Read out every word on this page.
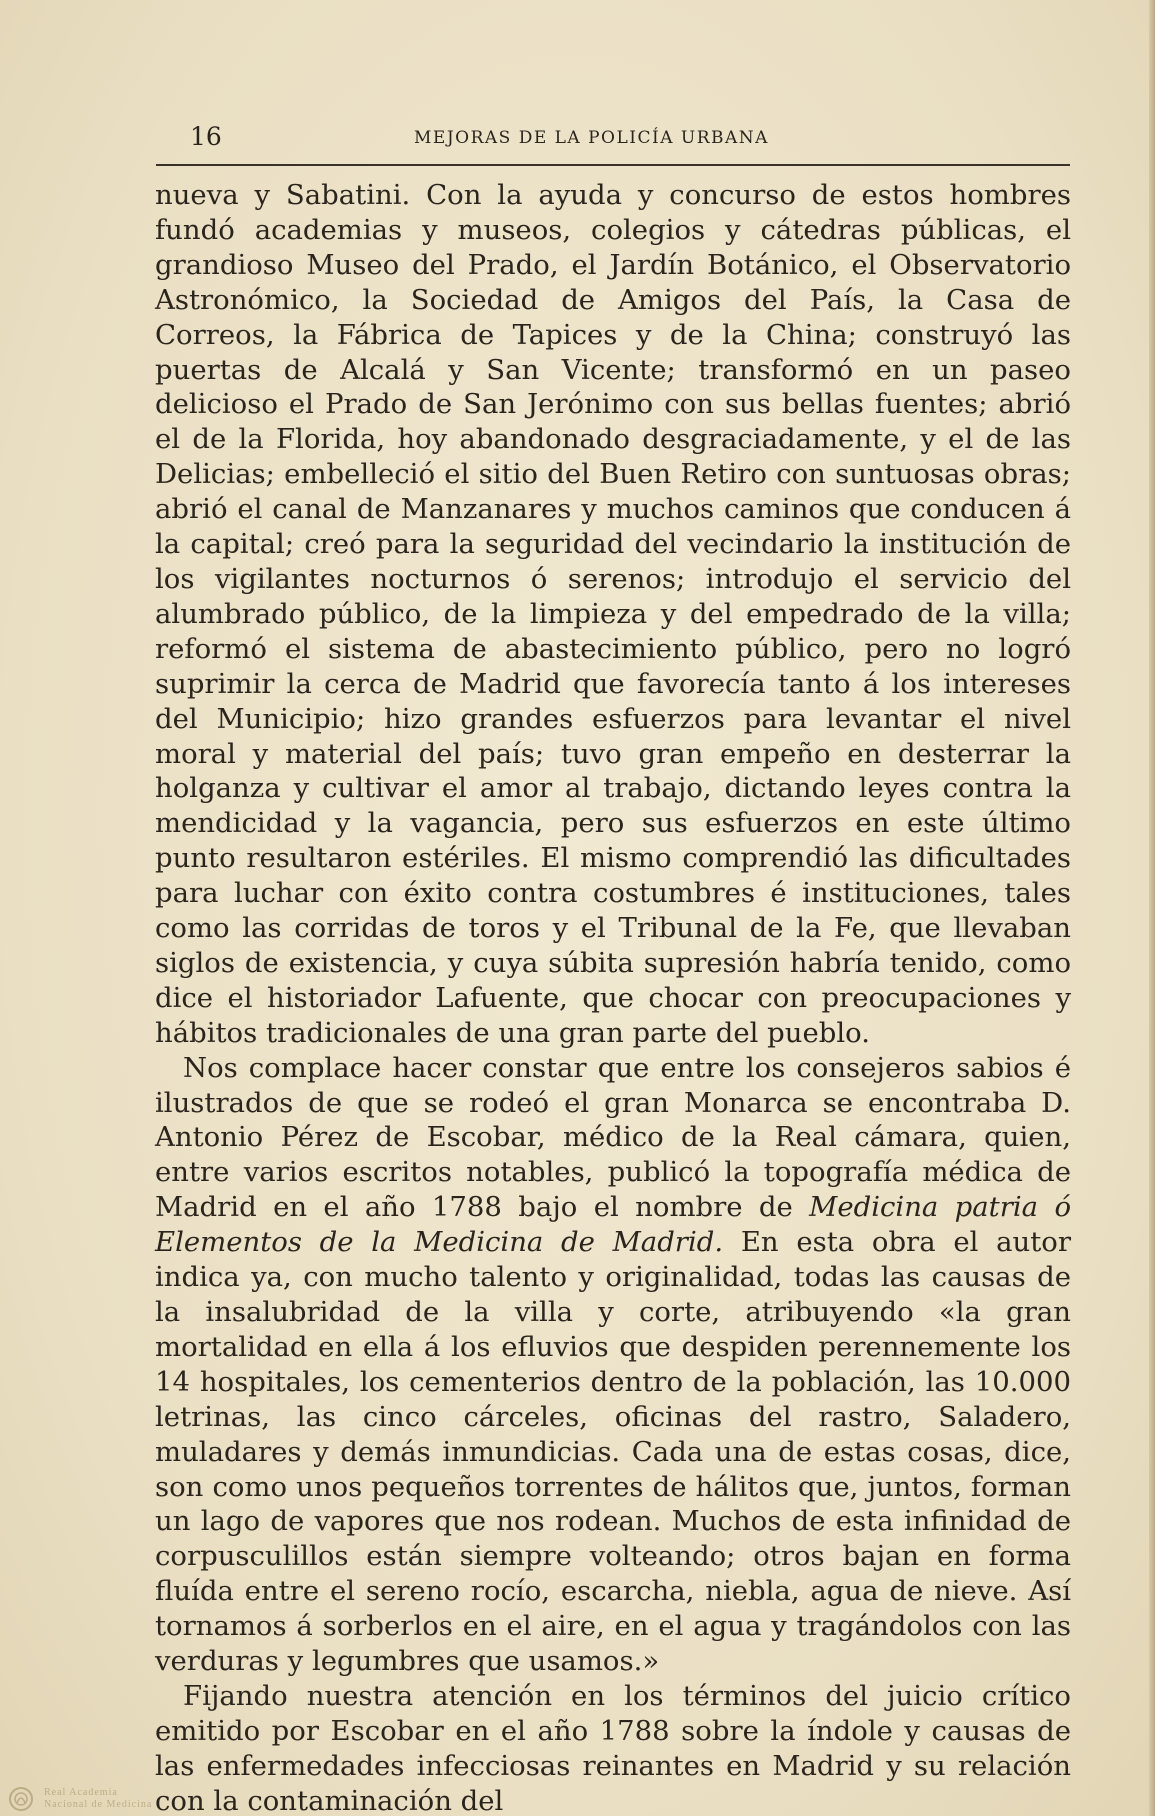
16	MEJORAS DE LA POLICÍA URBANA

nueva y Sabatini. Con la ayuda y concurso de estos hombres fundó academias y museos, colegios y cátedras públicas, el grandioso Museo del Prado, el Jardín Botánico, el Observatorio Astronómico, la Sociedad de Amigos del País, la Casa de Correos, la Fábrica de Tapices y de la China; construyó las puertas de Alcalá y San Vicente; transformó en un paseo delicioso el Prado de San Jerónimo con sus bellas fuentes; abrió el de la Florida, hoy abandonado desgraciadamente, y el de las Delicias; embelleció el sitio del Buen Retiro con suntuosas obras; abrió el canal de Manzanares y muchos caminos que conducen á la capital; creó para la seguridad del vecindario la institución de los vigilantes nocturnos ó serenos; introdujo el servicio del alumbrado público, de la limpieza y del empedrado de la villa; reformó el sistema de abastecimiento público, pero no logró suprimir la cerca de Madrid que favorecía tanto á los intereses del Municipio; hizo grandes esfuerzos para levantar el nivel moral y material del país; tuvo gran empeño en desterrar la holganza y cultivar el amor al trabajo, dictando leyes contra la mendicidad y la vagancia, pero sus esfuerzos en este último punto resultaron estériles. El mismo comprendió las dificultades para luchar con éxito contra costumbres é instituciones, tales como las corridas de toros y el Tribunal de la Fe, que llevaban siglos de existencia, y cuya súbita supresión habría tenido, como dice el historiador Lafuente, que chocar con preocupaciones y hábitos tradicionales de una gran parte del pueblo.

Nos complace hacer constar que entre los consejeros sabios é ilustrados de que se rodeó el gran Monarca se encontraba D. Antonio Pérez de Escobar, médico de la Real cámara, quien, entre varios escritos notables, publicó la topografía médica de Madrid en el año 1788 bajo el nombre de Medicina patria ó Elementos de la Medicina de Madrid. En esta obra el autor indica ya, con mucho talento y originalidad, todas las causas de la insalubridad de la villa y corte, atribuyendo «la gran mortalidad en ella á los efluvios que despiden perennemente los 14 hospitales, los cementerios dentro de la población, las 10.000 letrinas, las cinco cárceles, oficinas del rastro, Saladero, muladares y demás inmundicias. Cada una de estas cosas, dice, son como unos pequeños torrentes de hálitos que, juntos, forman un lago de vapores que nos rodean. Muchos de esta infinidad de corpusculillos están siempre volteando; otros bajan en forma fluída entre el sereno rocío, escarcha, niebla, agua de nieve. Así tornamos á sorberlos en el aire, en el agua y tragándolos con las verduras y legumbres que usamos.»

Fijando nuestra atención en los términos del juicio crítico emitido por Escobar en el año 1788 sobre la índole y causas de las enfermedades infecciosas reinantes en Madrid y su relación con la contaminación del

Real Academia
Nacional de Medicina
